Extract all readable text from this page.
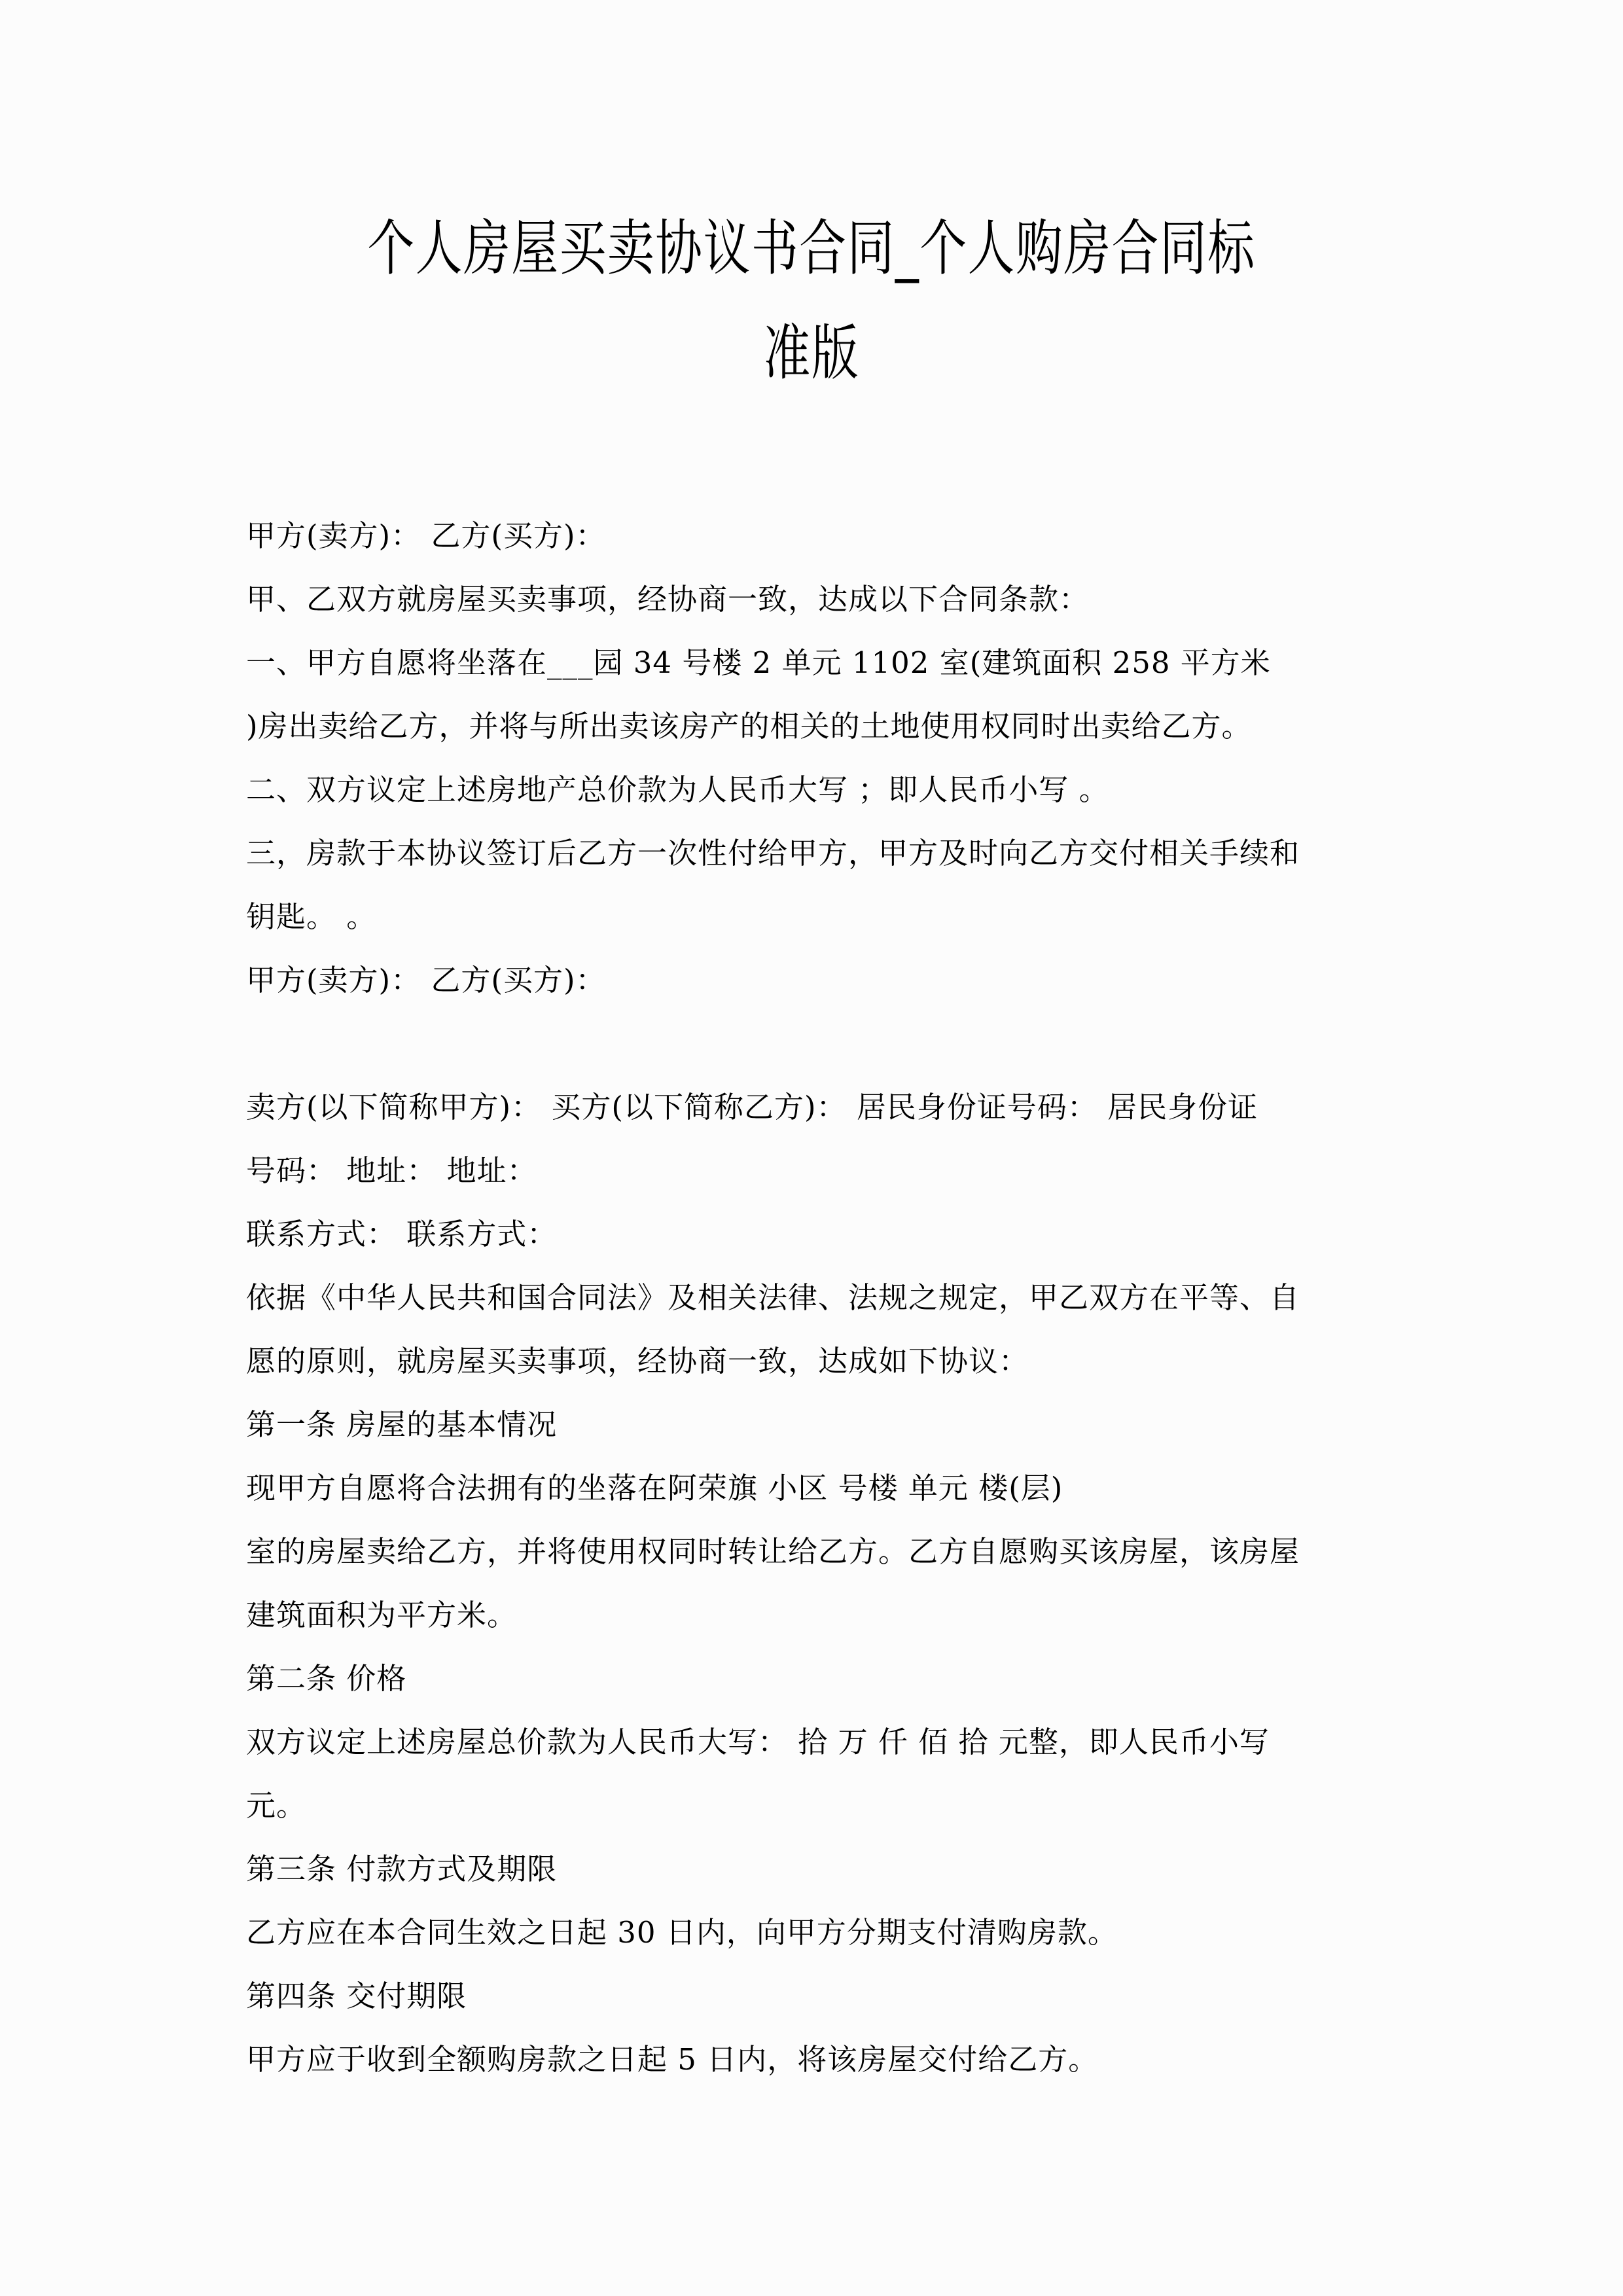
个人房屋买卖协议书合同_个人购房合同标
准版

甲方(卖方)： 乙方(买方)：

甲、乙双方就房屋买卖事项，经协商一致，达成以下合同条款：

一、甲方自愿将坐落在___园 34 号楼 2 单元 1102 室(建筑面积 258 平方米

)房出卖给乙方，并将与所出卖该房产的相关的土地使用权同时出卖给乙方。

二、双方议定上述房地产总价款为人民币大写 ；即人民币小写 。

三，房款于本协议签订后乙方一次性付给甲方，甲方及时向乙方交付相关手续和

钥匙。 。

甲方(卖方)： 乙方(买方)：

卖方(以下简称甲方)： 买方(以下简称乙方)： 居民身份证号码： 居民身份证

号码： 地址： 地址：

联系方式： 联系方式：

依据《中华人民共和国合同法》及相关法律、法规之规定，甲乙双方在平等、自

愿的原则，就房屋买卖事项，经协商一致，达成如下协议：

第一条 房屋的基本情况

现甲方自愿将合法拥有的坐落在阿荣旗 小区 号楼 单元 楼(层)

室的房屋卖给乙方，并将使用权同时转让给乙方。乙方自愿购买该房屋，该房屋

建筑面积为平方米。

第二条 价格

双方议定上述房屋总价款为人民币大写： 拾 万 仟 佰 拾 元整，即人民币小写

元。

第三条 付款方式及期限

乙方应在本合同生效之日起 30 日内，向甲方分期支付清购房款。

第四条 交付期限

甲方应于收到全额购房款之日起 5 日内，将该房屋交付给乙方。
